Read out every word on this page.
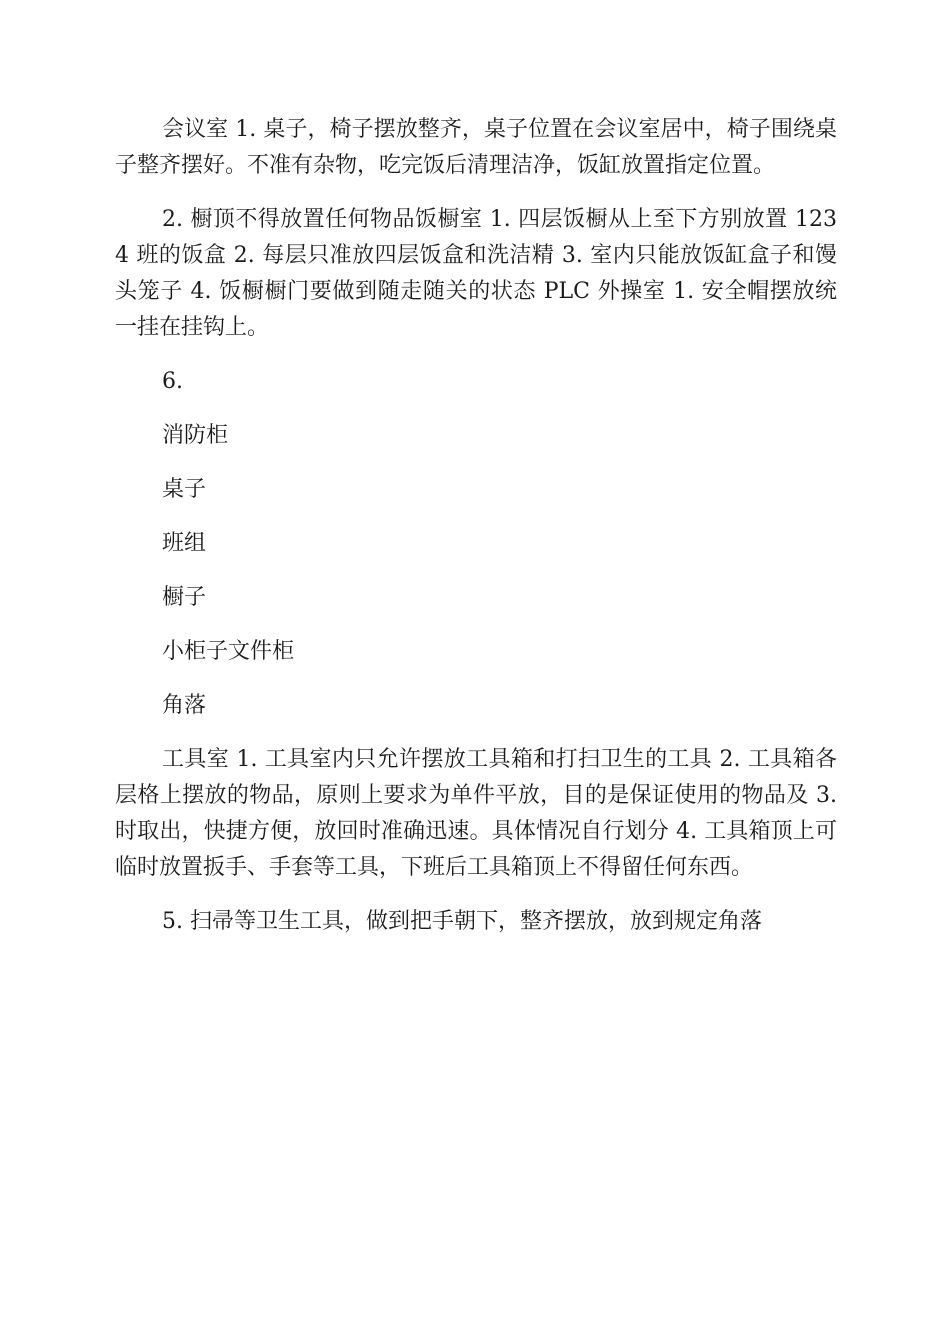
会议室 1. 桌子，椅子摆放整齐，桌子位置在会议室居中，椅子围绕桌子整齐摆好。不准有杂物，吃完饭后清理洁净，饭缸放置指定位置。

2. 橱顶不得放置任何物品饭橱室 1. 四层饭橱从上至下方别放置 1234 班的饭盒 2. 每层只准放四层饭盒和洗洁精 3. 室内只能放饭缸盒子和馒头笼子 4. 饭橱橱门要做到随走随关的状态 PLC 外操室 1. 安全帽摆放统一挂在挂钩上。

6.

消防柜

桌子

班组

橱子

小柜子文件柜

角落

工具室 1. 工具室内只允许摆放工具箱和打扫卫生的工具 2. 工具箱各层格上摆放的物品，原则上要求为单件平放，目的是保证使用的物品及 3. 时取出，快捷方便，放回时准确迅速。具体情况自行划分 4. 工具箱顶上可临时放置扳手、手套等工具，下班后工具箱顶上不得留任何东西。

5. 扫帚等卫生工具，做到把手朝下，整齐摆放，放到规定角落
